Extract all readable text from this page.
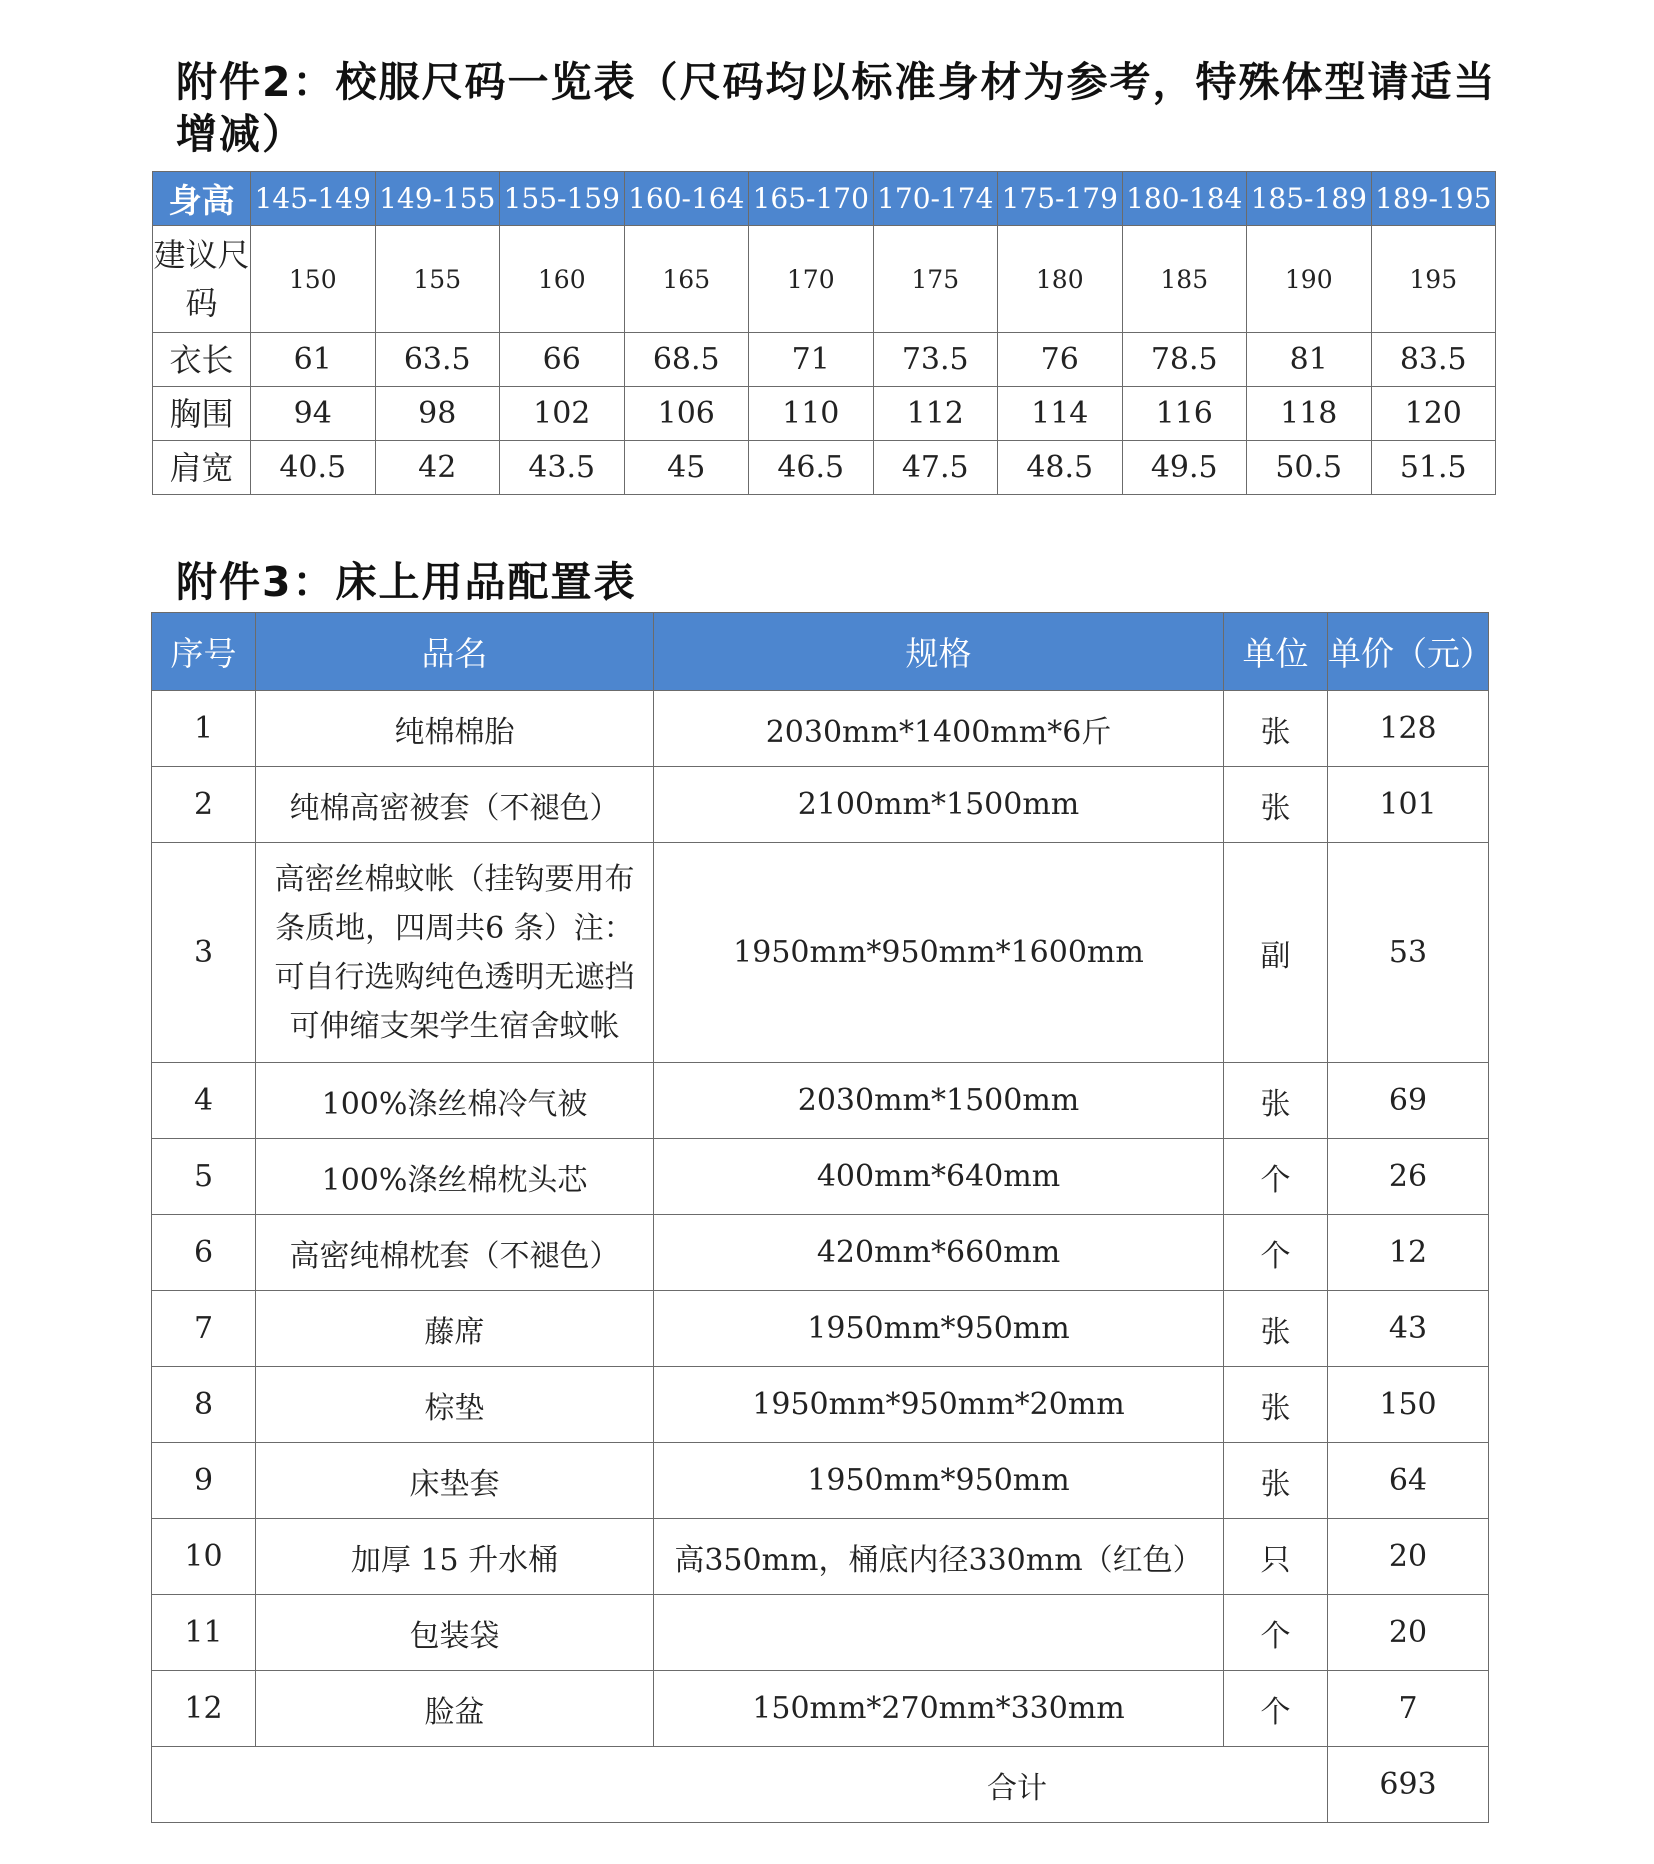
附件2：校服尺码一览表（尺码均以标准身材为参考，特殊体型请适当增减）
身高	145-149	149-155	155-159	160-164	165-170	170-174	175-179	180-184	185-189	189-195
建议尺码	150	155	160	165	170	175	180	185	190	195
衣长	61	63.5	66	68.5	71	73.5	76	78.5	81	83.5
胸围	94	98	102	106	110	112	114	116	118	120
肩宽	40.5	42	43.5	45	46.5	47.5	48.5	49.5	50.5	51.5
附件3：床上用品配置表
序号	品名	规格	单位	单价（元）
1	纯棉棉胎	2030mm*1400mm*6斤	张	128
2	纯棉高密被套（不褪色）	2100mm*1500mm	张	101
3	高密丝棉蚊帐（挂钩要用布条质地，四周共6 条）注：可自行选购纯色透明无遮挡可伸缩支架学生宿舍蚊帐	1950mm*950mm*1600mm	副	53
4	100%涤丝棉冷气被	2030mm*1500mm	张	69
5	100%涤丝棉枕头芯	400mm*640mm	个	26
6	高密纯棉枕套（不褪色）	420mm*660mm	个	12
7	藤席	1950mm*950mm	张	43
8	棕垫	1950mm*950mm*20mm	张	150
9	床垫套	1950mm*950mm	张	64
10	加厚 15 升水桶	高350mm，桶底内径330mm（红色）	只	20
11	包装袋		个	20
12	脸盆	150mm*270mm*330mm	个	7
合计				693
